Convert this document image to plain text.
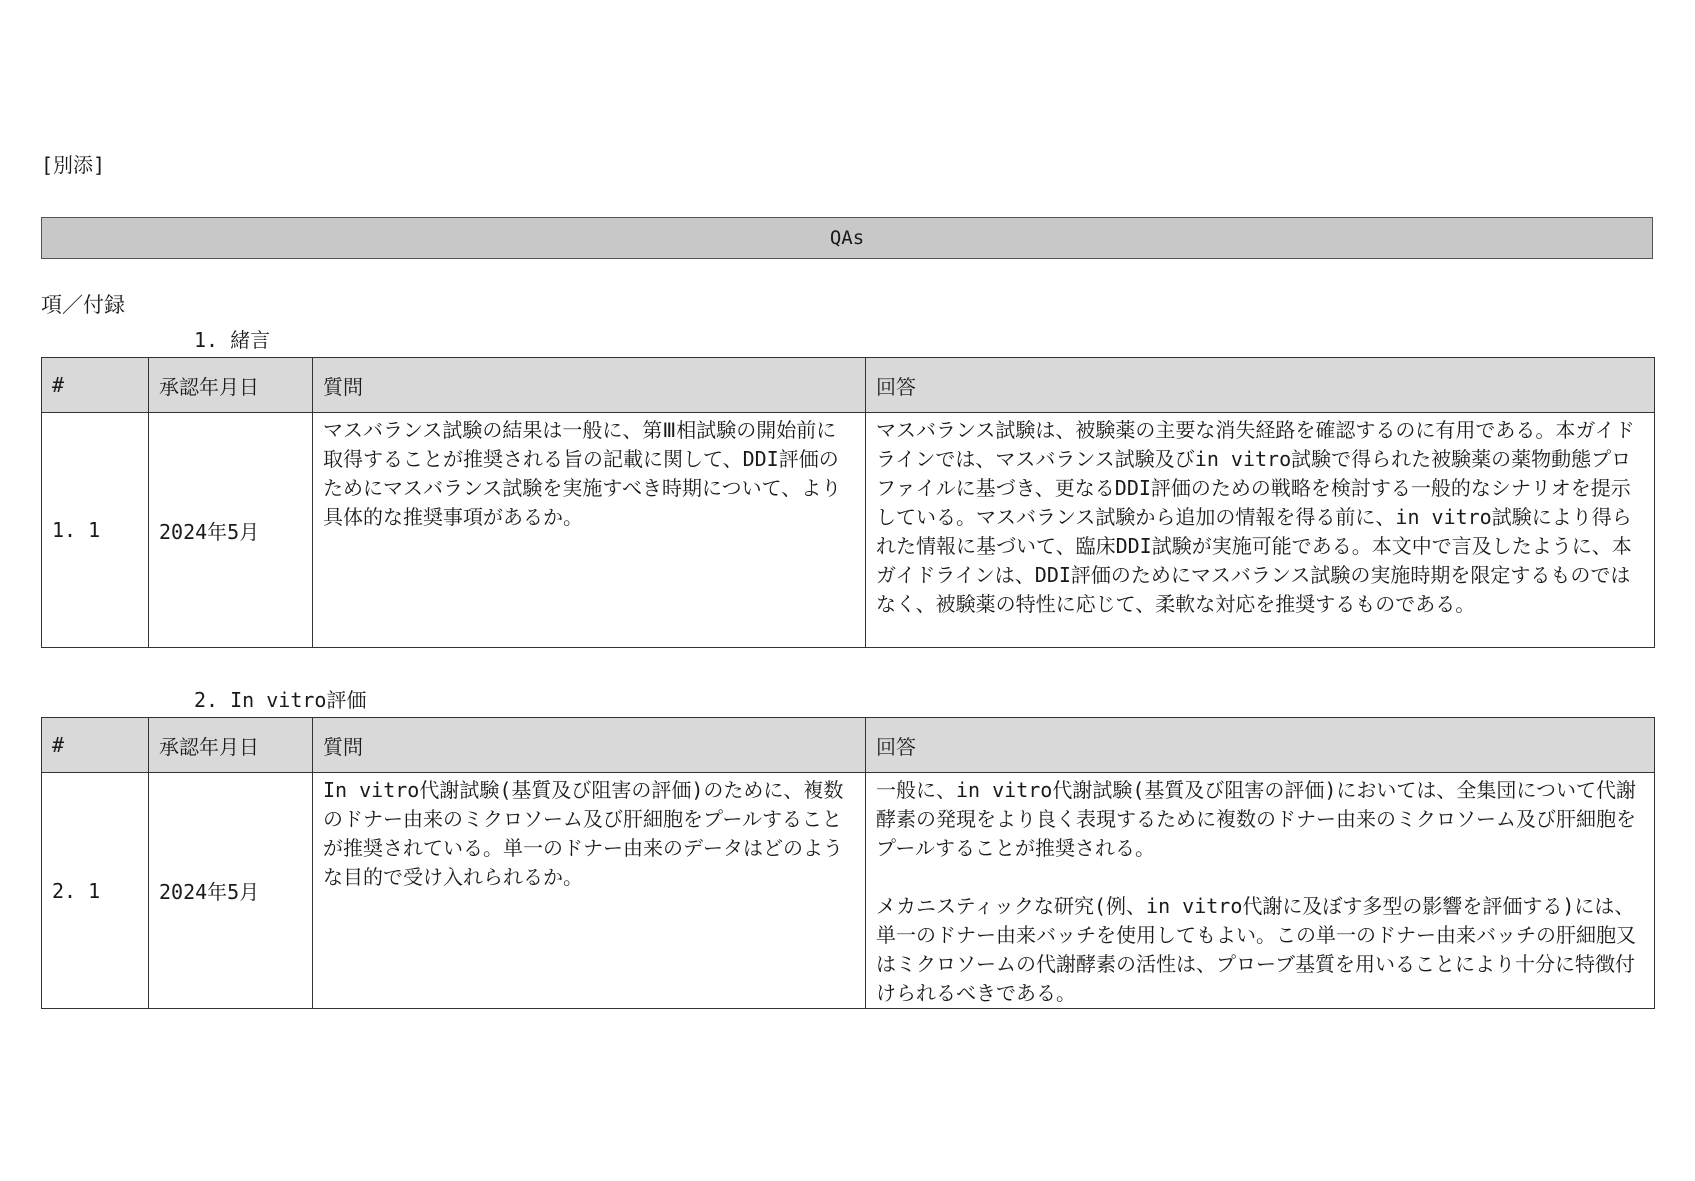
[別添]
QAs
項／付録
1. 緒言
#	承認年月日	質問	回答
1. 1	2024年5月	マスバランス試験の結果は一般に、第Ⅲ相試験の開始前に取得することが推奨される旨の記載に関して、DDI評価のためにマスバランス試験を実施すべき時期について、より具体的な推奨事項があるか。	マスバランス試験は、被験薬の主要な消失経路を確認するのに有用である。本ガイドラインでは、マスバランス試験及びin vitro試験で得られた被験薬の薬物動態プロファイルに基づき、更なるDDI評価のための戦略を検討する一般的なシナリオを提示している。マスバランス試験から追加の情報を得る前に、in vitro試験により得られた情報に基づいて、臨床DDI試験が実施可能である。本文中で言及したように、本ガイドラインは、DDI評価のためにマスバランス試験の実施時期を限定するものではなく、被験薬の特性に応じて、柔軟な対応を推奨するものである。
2. In vitro評価
#	承認年月日	質問	回答
2. 1	2024年5月	In vitro代謝試験(基質及び阻害の評価)のために、複数のドナー由来のミクロソーム及び肝細胞をプールすることが推奨されている。単一のドナー由来のデータはどのような目的で受け入れられるか。	一般に、in vitro代謝試験(基質及び阻害の評価)においては、全集団について代謝酵素の発現をより良く表現するために複数のドナー由来のミクロソーム及び肝細胞をプールすることが推奨される。

メカニスティックな研究(例、in vitro代謝に及ぼす多型の影響を評価する)には、単一のドナー由来バッチを使用してもよい。この単一のドナー由来バッチの肝細胞又はミクロソームの代謝酵素の活性は、プローブ基質を用いることにより十分に特徴付けられるべきである。
